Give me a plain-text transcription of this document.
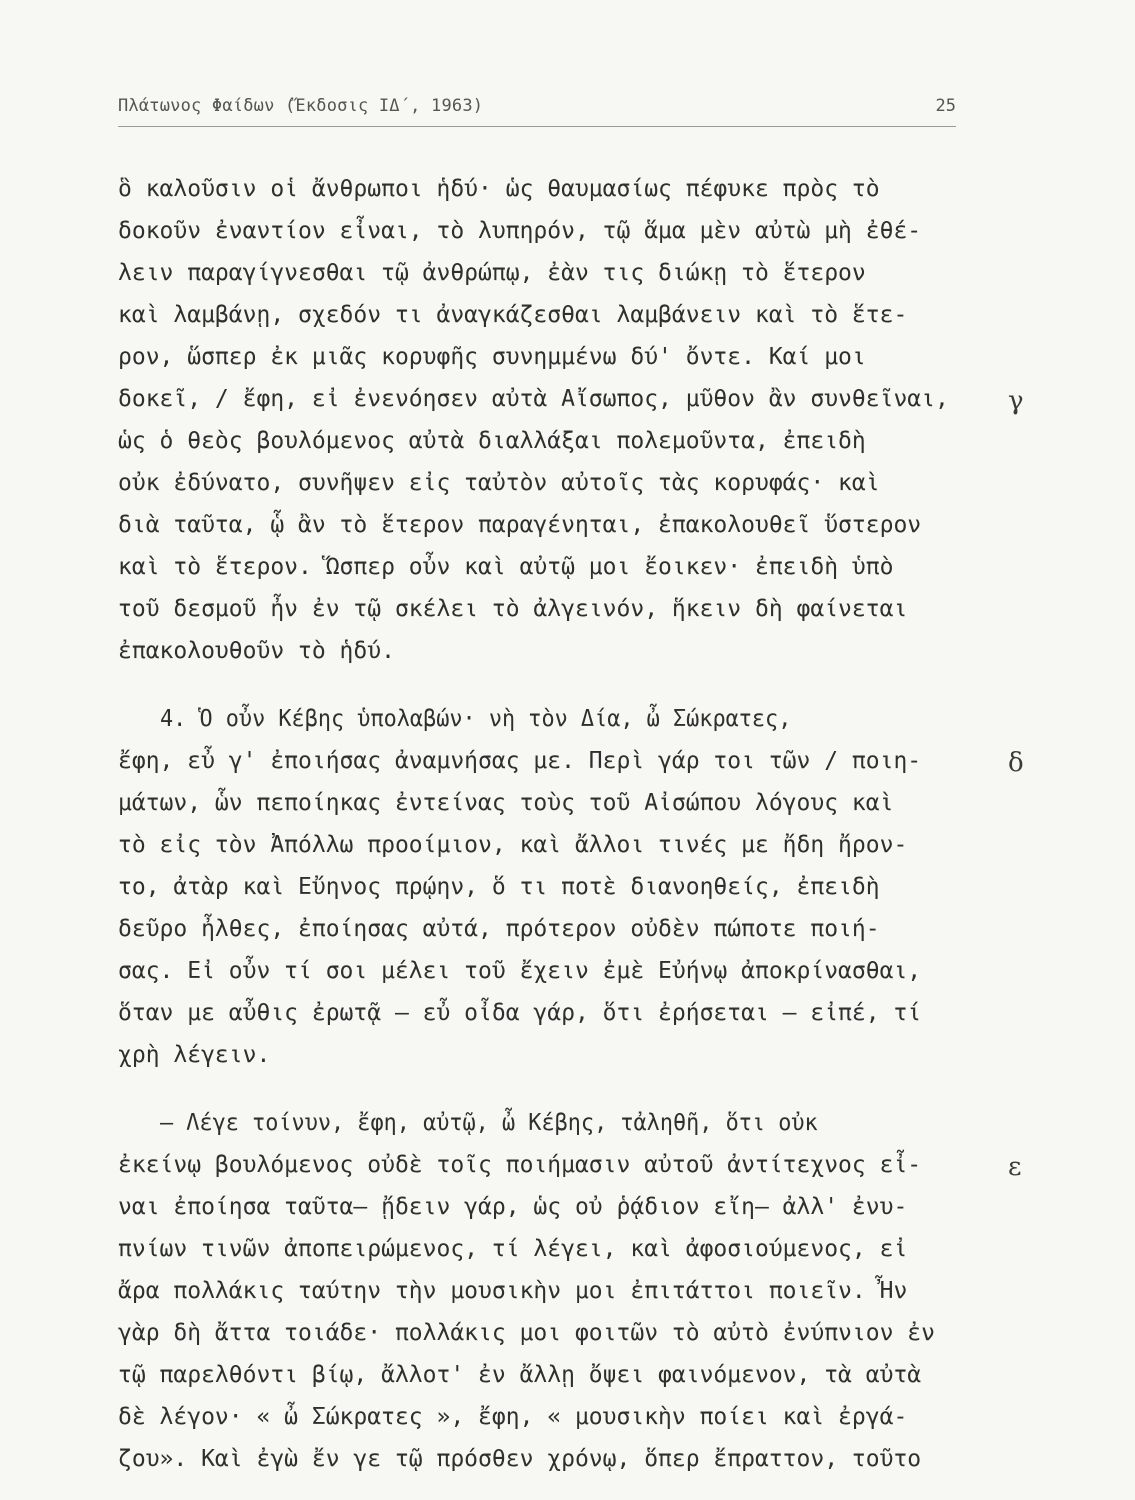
Πλάτωνος Φαίδων (Ἔκδοσις ΙΔ΄, 1963)	25
ὃ καλοῦσιν οἱ ἄνθρωποι ἡδύ· ὡς θαυμασίως πέφυκε πρὸς τὸ
δοκοῦν ἐναντίον εἶναι, τὸ λυπηρόν, τῷ ἅμα μὲν αὐτὼ μὴ ἐθέ-
λειν παραγίγνεσθαι τῷ ἀνθρώπῳ, ἐὰν τις διώκῃ τὸ ἕτερον
καὶ λαμβάνῃ, σχεδόν τι ἀναγκάζεσθαι λαμβάνειν καὶ τὸ ἕτε-
ρον, ὥσπερ ἐκ μιᾶς κορυφῆς συνημμένω δύ' ὄντε. Καί μοι
δοκεῖ, / ἔφη, εἰ ἐνενόησεν αὐτὰ Αἴσωπος, μῦθον ἂν συνθεῖναι,
ὡς ὁ θεὸς βουλόμενος αὐτὰ διαλλάξαι πολεμοῦντα, ἐπειδὴ
οὐκ ἐδύνατο, συνῆψεν εἰς ταὐτὸν αὐτοῖς τὰς κορυφάς· καὶ
διὰ ταῦτα, ᾧ ἂν τὸ ἕτερον παραγένηται, ἐπακολουθεῖ ὕστερον
καὶ τὸ ἕτερον. Ὥσπερ οὖν καὶ αὐτῷ μοι ἔοικεν· ἐπειδὴ ὑπὸ
τοῦ δεσμοῦ ἦν ἐν τῷ σκέλει τὸ ἀλγεινόν, ἥκειν δὴ φαίνεται
ἐπακολουθοῦν τὸ ἡδύ.
4. Ὁ οὖν Κέβης ὑπολαβών· νὴ τὸν Δία, ὦ Σώκρατες,
ἔφη, εὖ γ' ἐποιήσας ἀναμνήσας με. Περὶ γάρ τοι τῶν / ποιη-
μάτων, ὧν πεποίηκας ἐντείνας τοὺς τοῦ Αἰσώπου λόγους καὶ
τὸ εἰς τὸν Ἀπόλλω προοίμιον, καὶ ἄλλοι τινές με ἤδη ἤρον-
το, ἀτὰρ καὶ Εὔηνος πρῴην, ὅ τι ποτὲ διανοηθείς, ἐπειδὴ
δεῦρο ἦλθες, ἐποίησας αὐτά, πρότερον οὐδὲν πώποτε ποιή-
σας. Εἰ οὖν τί σοι μέλει τοῦ ἔχειν ἐμὲ Εὐήνῳ ἀποκρίνασθαι,
ὅταν με αὖθις ἐρωτᾷ — εὖ οἶδα γάρ, ὅτι ἐρήσεται — εἰπέ, τί
χρὴ λέγειν.
— Λέγε τοίνυν, ἔφη, αὐτῷ, ὦ Κέβης, τἀληθῆ, ὅτι οὐκ
ἐκείνῳ βουλόμενος οὐδὲ τοῖς ποιήμασιν αὐτοῦ ἀντίτεχνος εἶ-
ναι ἐποίησα ταῦτα— ᾔδειν γάρ, ὡς οὐ ῥᾴδιον εἴη— ἀλλ' ἐνυ-
πνίων τινῶν ἀποπειρώμενος, τί λέγει, καὶ ἀφοσιούμενος, εἰ
ἄρα πολλάκις ταύτην τὴν μουσικὴν μοι ἐπιτάττοι ποιεῖν. Ἦν
γὰρ δὴ ἄττα τοιάδε· πολλάκις μοι φοιτῶν τὸ αὐτὸ ἐνύπνιον ἐν
τῷ παρελθόντι βίῳ, ἄλλοτ' ἐν ἄλλῃ ὄψει φαινόμενον, τὰ αὐτὰ
δὲ λέγον· « ὦ Σώκρατες », ἔφη, « μουσικὴν ποίει καὶ ἐργά-
ζου». Καὶ ἐγὼ ἔν γε τῷ πρόσθεν χρόνῳ, ὅπερ ἔπραττον, τοῦτο
γ
δ
ε
